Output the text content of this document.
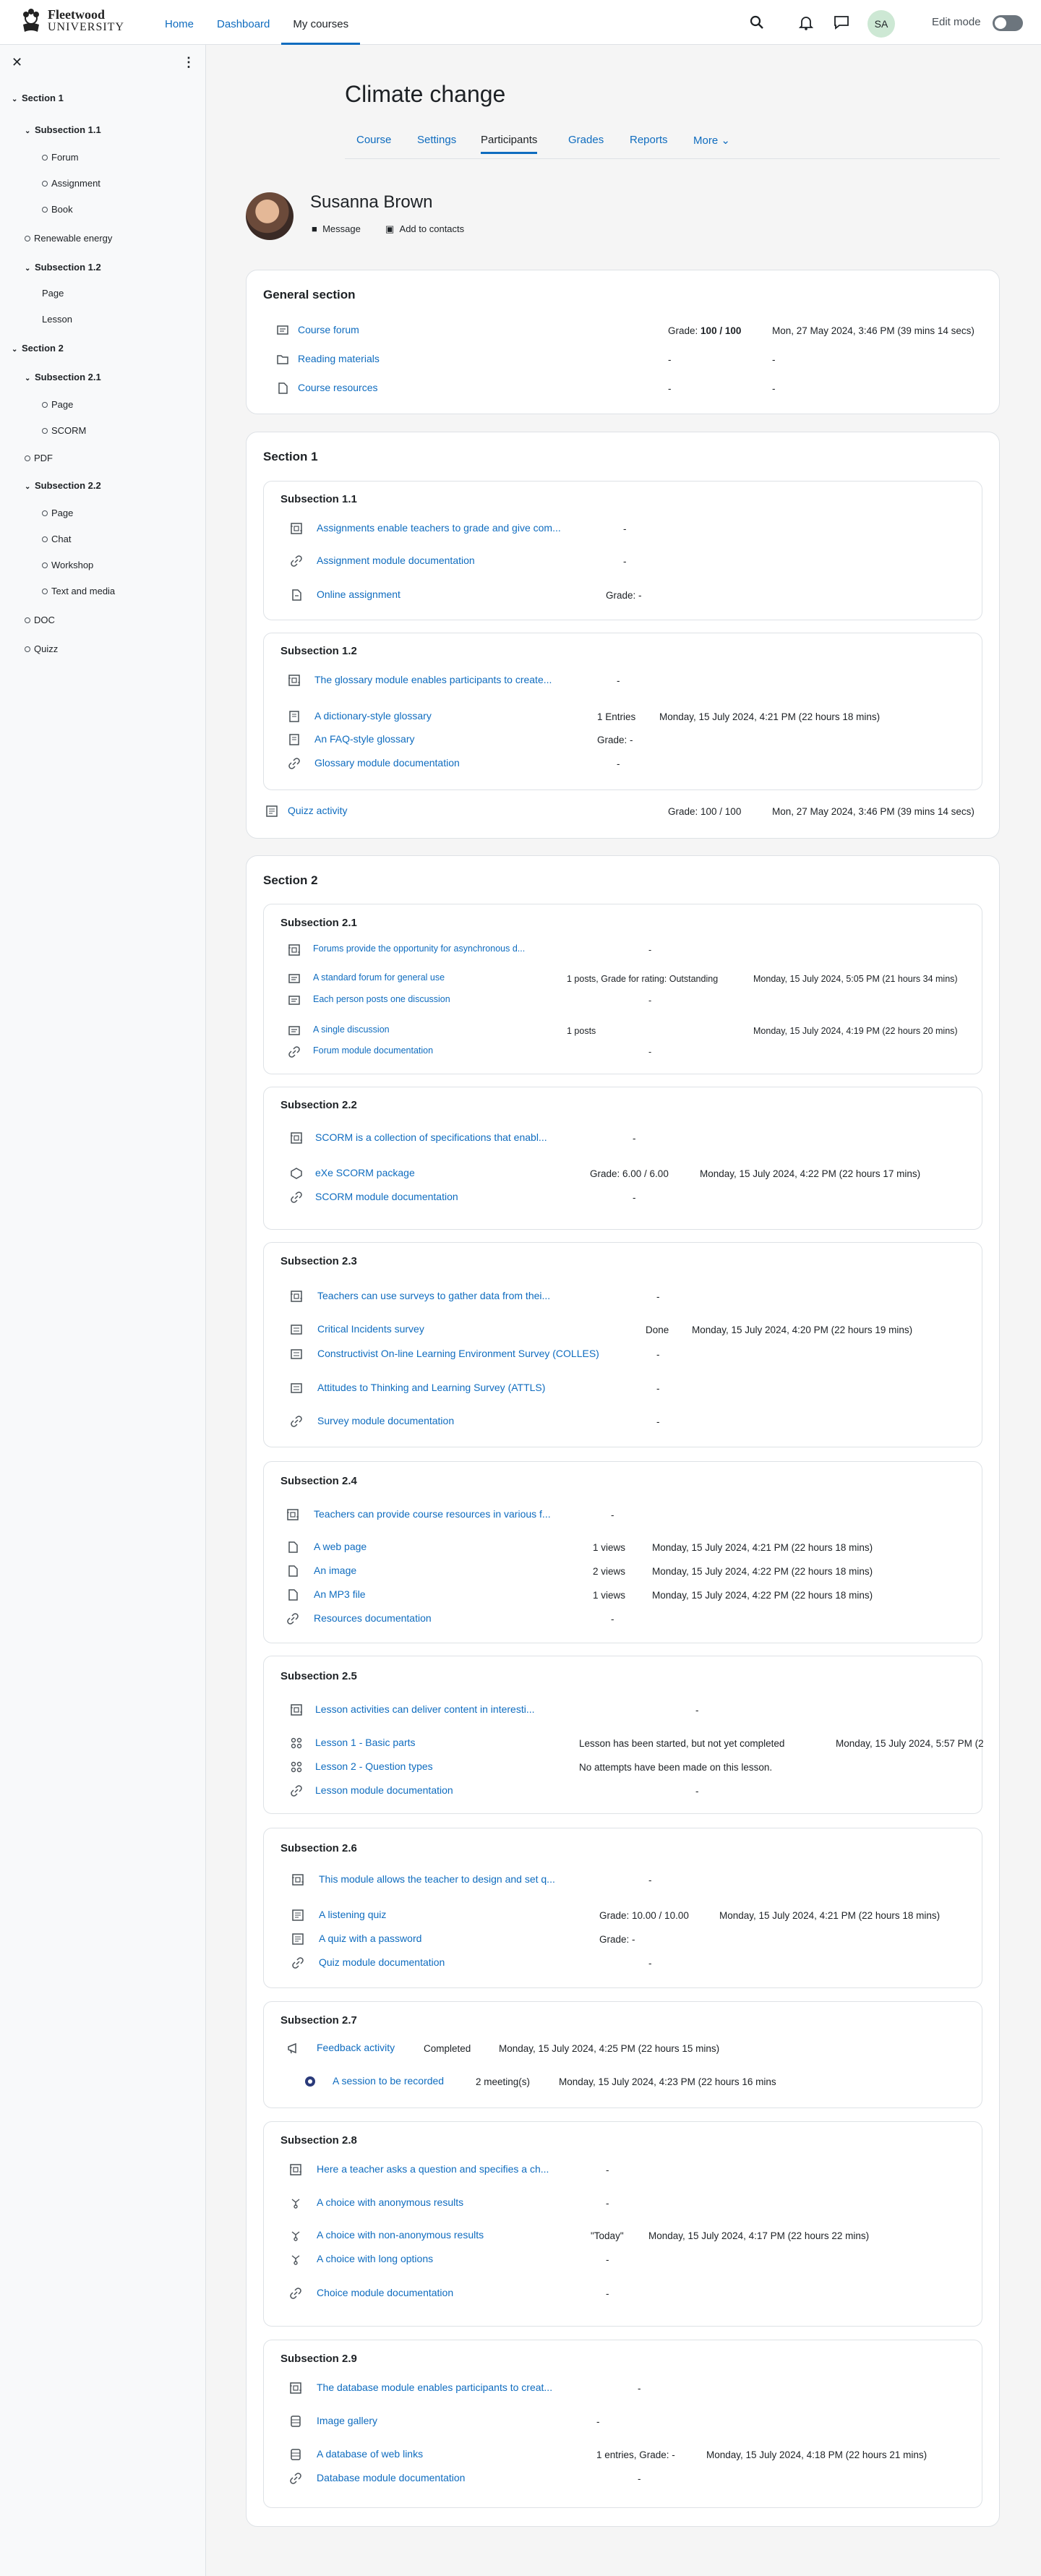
Fleetwood
UNIVERSITY	Home	Dashboard	My courses	SA	Edit mode
✕	⋮
⌄ Section 1
⌄ Subsection 1.1
Forum
Assignment
Book
Renewable energy
⌄ Subsection 1.2
Page
Lesson
⌄ Section 2
⌄ Subsection 2.1
Page
SCORM
PDF
⌄ Subsection 2.2
Page
Chat
Workshop
Text and media
DOC
Quizz
Climate change
Course Settings Participants	Grades Reports More ⌄
Susanna Brown
■ Message	▣ Add to contacts
General section
Course forum	Grade: 100 / 100	Mon, 27 May 2024, 3:46 PM (39 mins 14 secs)
Reading materials	-	-
Course resources	-	-
Section 1
Subsection 1.1
Assignments enable teachers to grade and give com...	-
Assignment module documentation	-
Online assignment	Grade: -
Subsection 1.2
The glossary module enables participants to create...	-
A dictionary-style glossary	1 Entries Monday, 15 July 2024, 4:21 PM (22 hours 18 mins)
An FAQ-style glossary	Grade: -
Glossary module documentation	-
Quizz activity	Grade: 100 / 100	Mon, 27 May 2024, 3:46 PM (39 mins 14 secs)
Section 2
Subsection 2.1
Forums provide the opportunity for asynchronous d...	-
A standard forum for general use	1 posts, Grade for rating: Outstanding	Monday, 15 July 2024, 5:05 PM (21 hours 34 mins)
Each person posts one discussion	-
A single discussion	1 posts	Monday, 15 July 2024, 4:19 PM (22 hours 20 mins)
Forum module documentation	-
Subsection 2.2
SCORM is a collection of specifications that enabl...	-
eXe SCORM package	Grade: 6.00 / 6.00	Monday, 15 July 2024, 4:22 PM (22 hours 17 mins)
SCORM module documentation	-
Subsection 2.3
Teachers can use surveys to gather data from thei...	-
Critical Incidents survey	Done Monday, 15 July 2024, 4:20 PM (22 hours 19 mins)
Constructivist On-line Learning Environment Survey (COLLES)	-
Attitudes to Thinking and Learning Survey (ATTLS)	-
Survey module documentation	-
Subsection 2.4
Teachers can provide course resources in various f...	-
A web page	1 views	Monday, 15 July 2024, 4:21 PM (22 hours 18 mins)
An image	2 views	Monday, 15 July 2024, 4:22 PM (22 hours 18 mins)
An MP3 file	1 views	Monday, 15 July 2024, 4:22 PM (22 hours 18 mins)
Resources documentation	-
Subsection 2.5
Lesson activities can deliver content in interesti...	-
Lesson 1 - Basic parts	Lesson has been started, but not yet completed	Monday, 15 July 2024, 5:57 PM (2
Lesson 2 - Question types	No attempts have been made on this lesson.
Lesson module documentation	-
Subsection 2.6
This module allows the teacher to design and set q...	-
A listening quiz	Grade: 10.00 / 10.00	Monday, 15 July 2024, 4:21 PM (22 hours 18 mins)
A quiz with a password	Grade: -
Quiz module documentation	-
Subsection 2.7
Feedback activity	Completed	Monday, 15 July 2024, 4:25 PM (22 hours 15 mins)
A session to be recorded	2 meeting(s)	Monday, 15 July 2024, 4:23 PM (22 hours 16 mins
Subsection 2.8
Here a teacher asks a question and specifies a ch...	-
A choice with anonymous results	-
A choice with non-anonymous results	"Today"	Monday, 15 July 2024, 4:17 PM (22 hours 22 mins)
A choice with long options	-
Choice module documentation	-
Subsection 2.9
The database module enables participants to creat...	-
Image gallery	-
A database of web links	1 entries, Grade: -	Monday, 15 July 2024, 4:18 PM (22 hours 21 mins)
Database module documentation	-
